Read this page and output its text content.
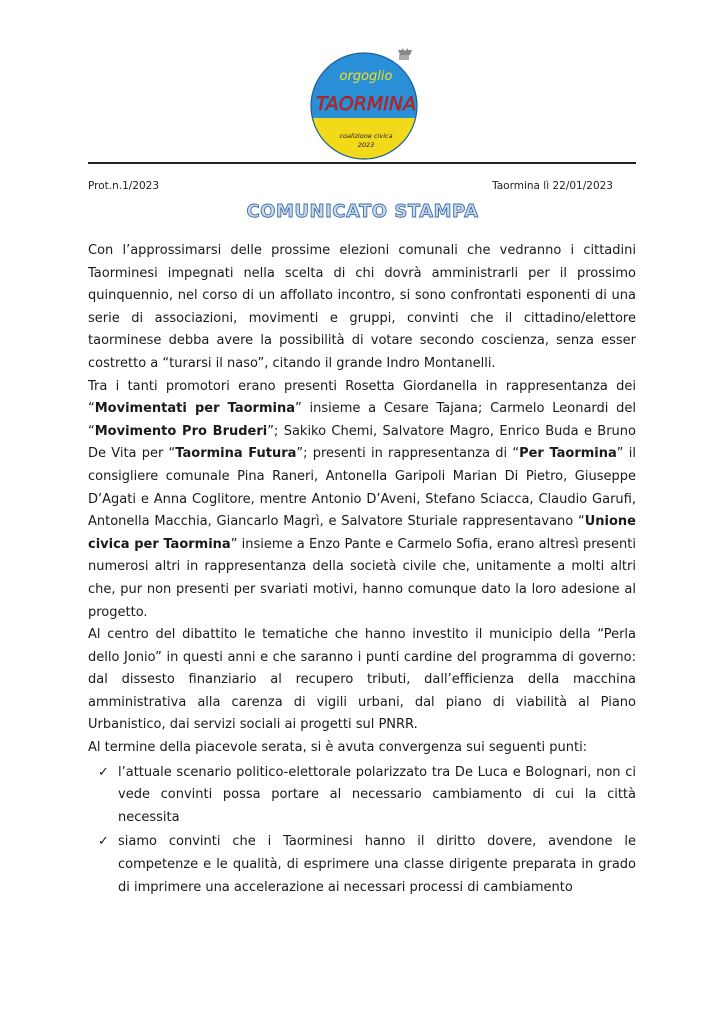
orgoglio
TAORMINA
coalizione civica
2023
Prot.n.1/2023	Taormina lì 22/01/2023
COMUNICATO STAMPA

Con l’approssimarsi delle prossime elezioni comunali che vedranno i cittadini Taorminesi impegnati nella scelta di chi dovrà amministrarli per il prossimo quinquennio, nel corso di un affollato incontro, si sono confrontati esponenti di una serie di associazioni, movimenti e gruppi, convinti che il cittadino/elettore taorminese debba avere la possibilità di votare secondo coscienza, senza esser costretto a “turarsi il naso”, citando il grande Indro Montanelli.

Tra i tanti promotori erano presenti Rosetta Giordanella in rappresentanza dei “Movimentati per Taormina” insieme a Cesare Tajana; Carmelo Leonardi del “Movimento Pro Bruderi”; Sakiko Chemi, Salvatore Magro, Enrico Buda e Bruno De Vita per “Taormina Futura”; presenti in rappresentanza di “Per Taormina” il consigliere comunale Pina Raneri, Antonella Garipoli Marian Di Pietro, Giuseppe D’Agati e Anna Coglitore, mentre Antonio D’Aveni, Stefano Sciacca, Claudio Garufi, Antonella Macchia, Giancarlo Magrì, e Salvatore Sturiale rappresentavano “Unione civica per Taormina” insieme a Enzo Pante e Carmelo Sofia, erano altresì presenti numerosi altri in rappresentanza della società civile che, unitamente a molti altri che, pur non presenti per svariati motivi, hanno comunque dato la loro adesione al progetto.

Al centro del dibattito le tematiche che hanno investito il municipio della “Perla dello Jonio” in questi anni e che saranno i punti cardine del programma di governo: dal dissesto finanziario al recupero tributi, dall’efficienza della macchina amministrativa alla carenza di vigili urbani, dal piano di viabilità al Piano Urbanistico, dai servizi sociali ai progetti sul PNRR.

Al termine della piacevole serata, si è avuta convergenza sui seguenti punti:

✓ l’attuale scenario politico-elettorale polarizzato tra De Luca e Bolognari, non ci vede convinti possa portare al necessario cambiamento di cui la città necessita
✓ siamo convinti che i Taorminesi hanno il diritto dovere, avendone le competenze e le qualità, di esprimere una classe dirigente preparata in grado di imprimere una accelerazione ai necessari processi di cambiamento
